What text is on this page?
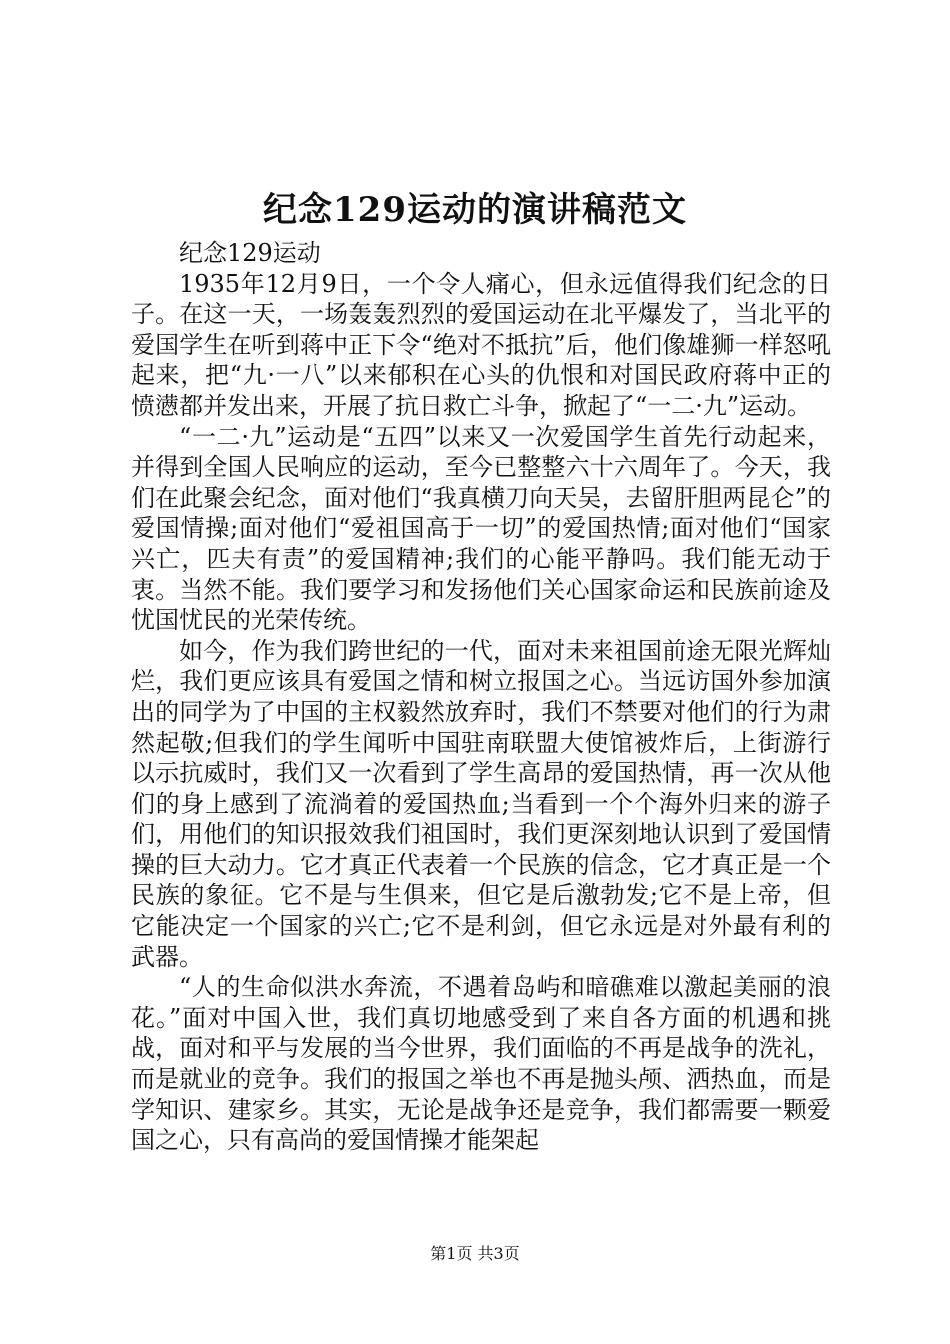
纪念129运动的演讲稿范文

纪念129运动

1935年12月9日，一个令人痛心，但永远值得我们纪念的日子。在这一天，一场轰轰烈烈的爱国运动在北平爆发了，当北平的爱国学生在听到蒋中正下令“绝对不抵抗”后，他们像雄狮一样怒吼起来，把“九·一八”以来郁积在心头的仇恨和对国民政府蒋中正的愤懑都并发出来，开展了抗日救亡斗争，掀起了“一二·九”运动。

“一二·九”运动是“五四”以来又一次爱国学生首先行动起来，并得到全国人民响应的运动，至今已整整六十六周年了。今天，我们在此聚会纪念，面对他们“我真横刀向天吴，去留肝胆两昆仑”的爱国情操;面对他们“爱祖国高于一切”的爱国热情;面对他们“国家兴亡，匹夫有责”的爱国精神;我们的心能平静吗。我们能无动于衷。当然不能。我们要学习和发扬他们关心国家命运和民族前途及忧国忧民的光荣传统。

如今，作为我们跨世纪的一代，面对未来祖国前途无限光辉灿烂，我们更应该具有爱国之情和树立报国之心。当远访国外参加演出的同学为了中国的主权毅然放弃时，我们不禁要对他们的行为肃然起敬;但我们的学生闻听中国驻南联盟大使馆被炸后，上街游行以示抗威时，我们又一次看到了学生高昂的爱国热情，再一次从他们的身上感到了流淌着的爱国热血;当看到一个个海外归来的游子们，用他们的知识报效我们祖国时，我们更深刻地认识到了爱国情操的巨大动力。它才真正代表着一个民族的信念，它才真正是一个民族的象征。它不是与生俱来，但它是后激勃发;它不是上帝，但它能决定一个国家的兴亡;它不是利剑，但它永远是对外最有利的武器。

“人的生命似洪水奔流，不遇着岛屿和暗礁难以激起美丽的浪花。”面对中国入世，我们真切地感受到了来自各方面的机遇和挑战，面对和平与发展的当今世界，我们面临的不再是战争的洗礼，而是就业的竞争。我们的报国之举也不再是抛头颅、洒热血，而是学知识、建家乡。其实，无论是战争还是竞争，我们都需要一颗爱国之心，只有高尚的爱国情操才能架起

第1页 共3页
